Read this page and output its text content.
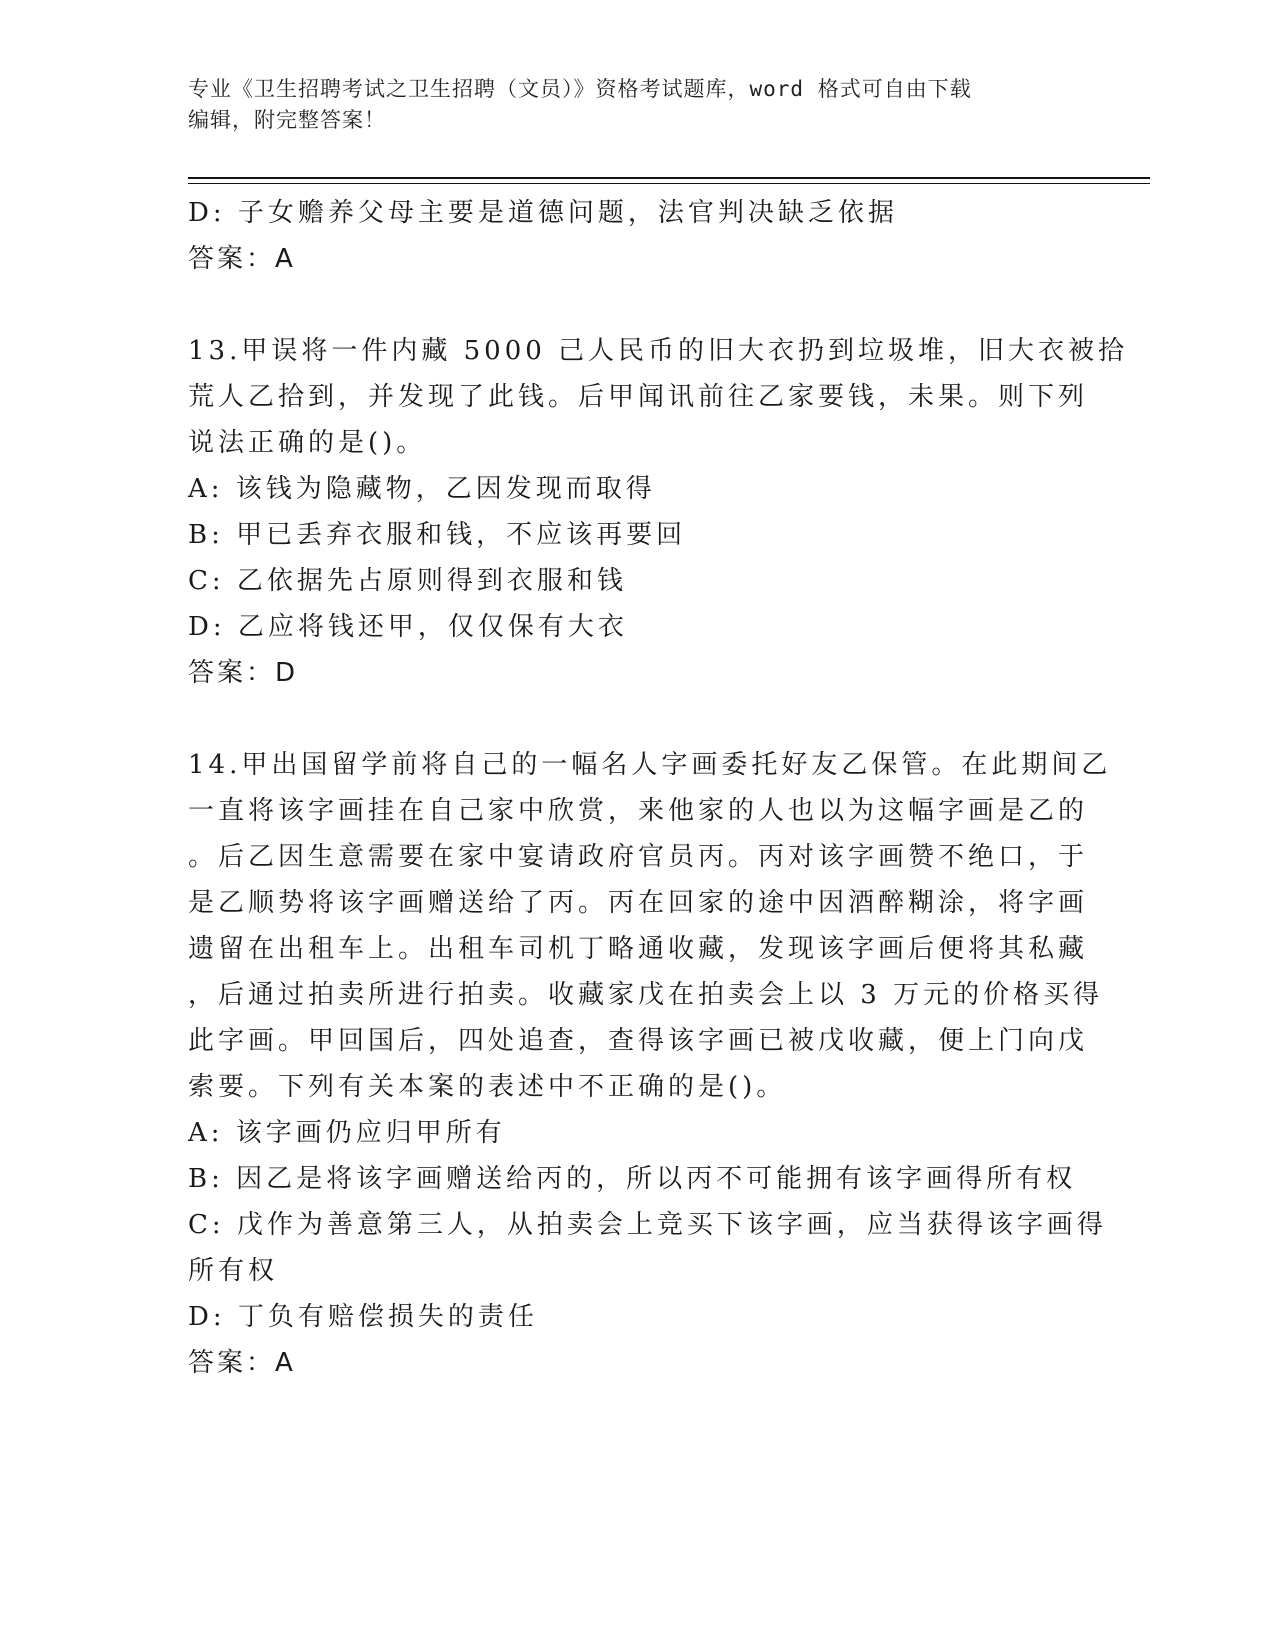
专业《卫生招聘考试之卫生招聘（文员）》资格考试题库，word 格式可自由下载
编辑，附完整答案！
D: 子女赡养父母主要是道德问题，法官判决缺乏依据
答案：A
13.甲误将一件内藏 5000 己人民币的旧大衣扔到垃圾堆，旧大衣被拾
荒人乙拾到，并发现了此钱。后甲闻讯前往乙家要钱，未果。则下列
说法正确的是()。
A: 该钱为隐藏物，乙因发现而取得
B: 甲已丢弃衣服和钱，不应该再要回
C: 乙依据先占原则得到衣服和钱
D: 乙应将钱还甲，仅仅保有大衣
答案：D
14.甲出国留学前将自己的一幅名人字画委托好友乙保管。在此期间乙
一直将该字画挂在自己家中欣赏，来他家的人也以为这幅字画是乙的
。后乙因生意需要在家中宴请政府官员丙。丙对该字画赞不绝口，于
是乙顺势将该字画赠送给了丙。丙在回家的途中因酒醉糊涂，将字画
遗留在出租车上。出租车司机丁略通收藏，发现该字画后便将其私藏
，后通过拍卖所进行拍卖。收藏家戊在拍卖会上以 3 万元的价格买得
此字画。甲回国后，四处追查，查得该字画已被戊收藏，便上门向戊
索要。下列有关本案的表述中不正确的是()。
A: 该字画仍应归甲所有
B: 因乙是将该字画赠送给丙的，所以丙不可能拥有该字画得所有权
C: 戊作为善意第三人，从拍卖会上竞买下该字画，应当获得该字画得
所有权
D: 丁负有赔偿损失的责任
答案：A
